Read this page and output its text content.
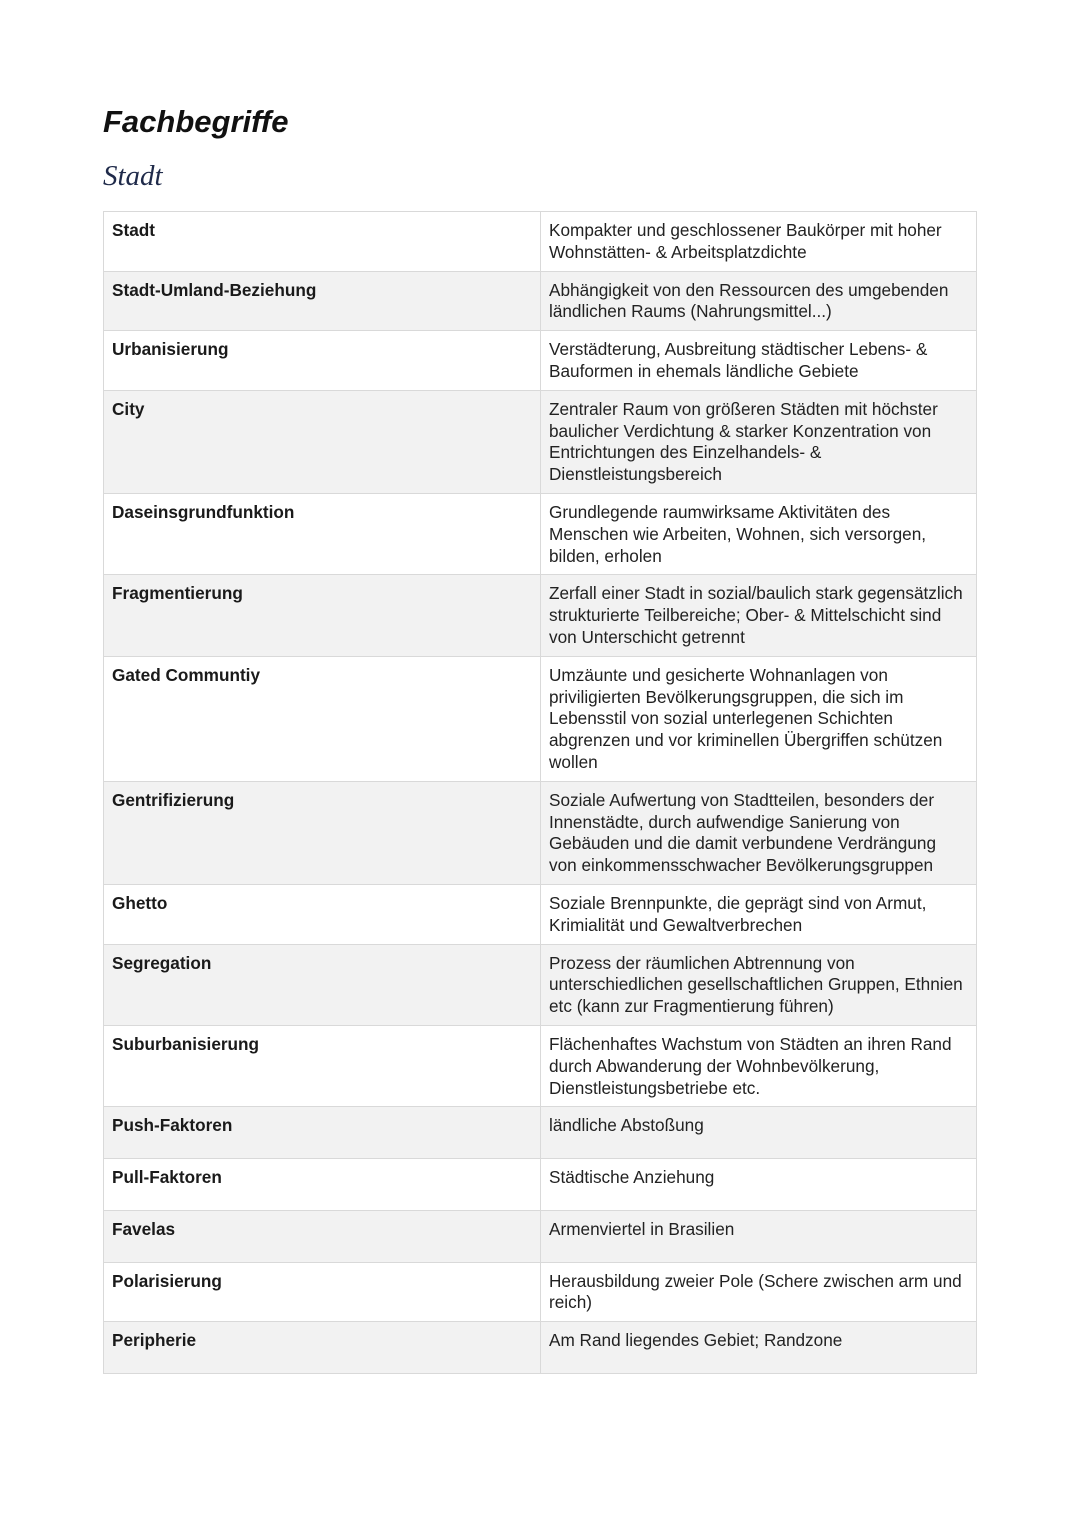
Fachbegriffe
Stadt
Stadt	Kompakter und geschlossener Baukörper mit hoher Wohnstätten- & Arbeitsplatzdichte
Stadt-Umland-Beziehung	Abhängigkeit von den Ressourcen des umgebenden ländlichen Raums (Nahrungsmittel...)
Urbanisierung	Verstädterung, Ausbreitung städtischer Lebens- & Bauformen in ehemals ländliche Gebiete
City	Zentraler Raum von größeren Städten mit höchster baulicher Verdichtung & starker Konzentration von Entrichtungen des Einzelhandels- & Dienstleistungsbereich
Daseinsgrundfunktion	Grundlegende raumwirksame Aktivitäten des Menschen wie Arbeiten, Wohnen, sich versorgen, bilden, erholen
Fragmentierung	Zerfall einer Stadt in sozial/baulich stark gegensätzlich strukturierte Teilbereiche; Ober- & Mittelschicht sind von Unterschicht getrennt
Gated Communtiy	Umzäunte und gesicherte Wohnanlagen von priviligierten Bevölkerungsgruppen, die sich im Lebensstil von sozial unterlegenen Schichten abgrenzen und vor kriminellen Übergriffen schützen wollen
Gentrifizierung	Soziale Aufwertung von Stadtteilen, besonders der Innenstädte, durch aufwendige Sanierung von Gebäuden und die damit verbundene Verdrängung von einkommensschwacher Bevölkerungsgruppen
Ghetto	Soziale Brennpunkte, die geprägt sind von Armut, Krimialität und Gewaltverbrechen
Segregation	Prozess der räumlichen Abtrennung von unterschiedlichen gesellschaftlichen Gruppen, Ethnien etc (kann zur Fragmentierung führen)
Suburbanisierung	Flächenhaftes Wachstum von Städten an ihren Rand durch Abwanderung der Wohnbevölkerung, Dienstleistungsbetriebe etc.
Push-Faktoren	ländliche Abstoßung
Pull-Faktoren	Städtische Anziehung
Favelas	Armenviertel in Brasilien
Polarisierung	Herausbildung zweier Pole (Schere zwischen arm und reich)
Peripherie	Am Rand liegendes Gebiet; Randzone
